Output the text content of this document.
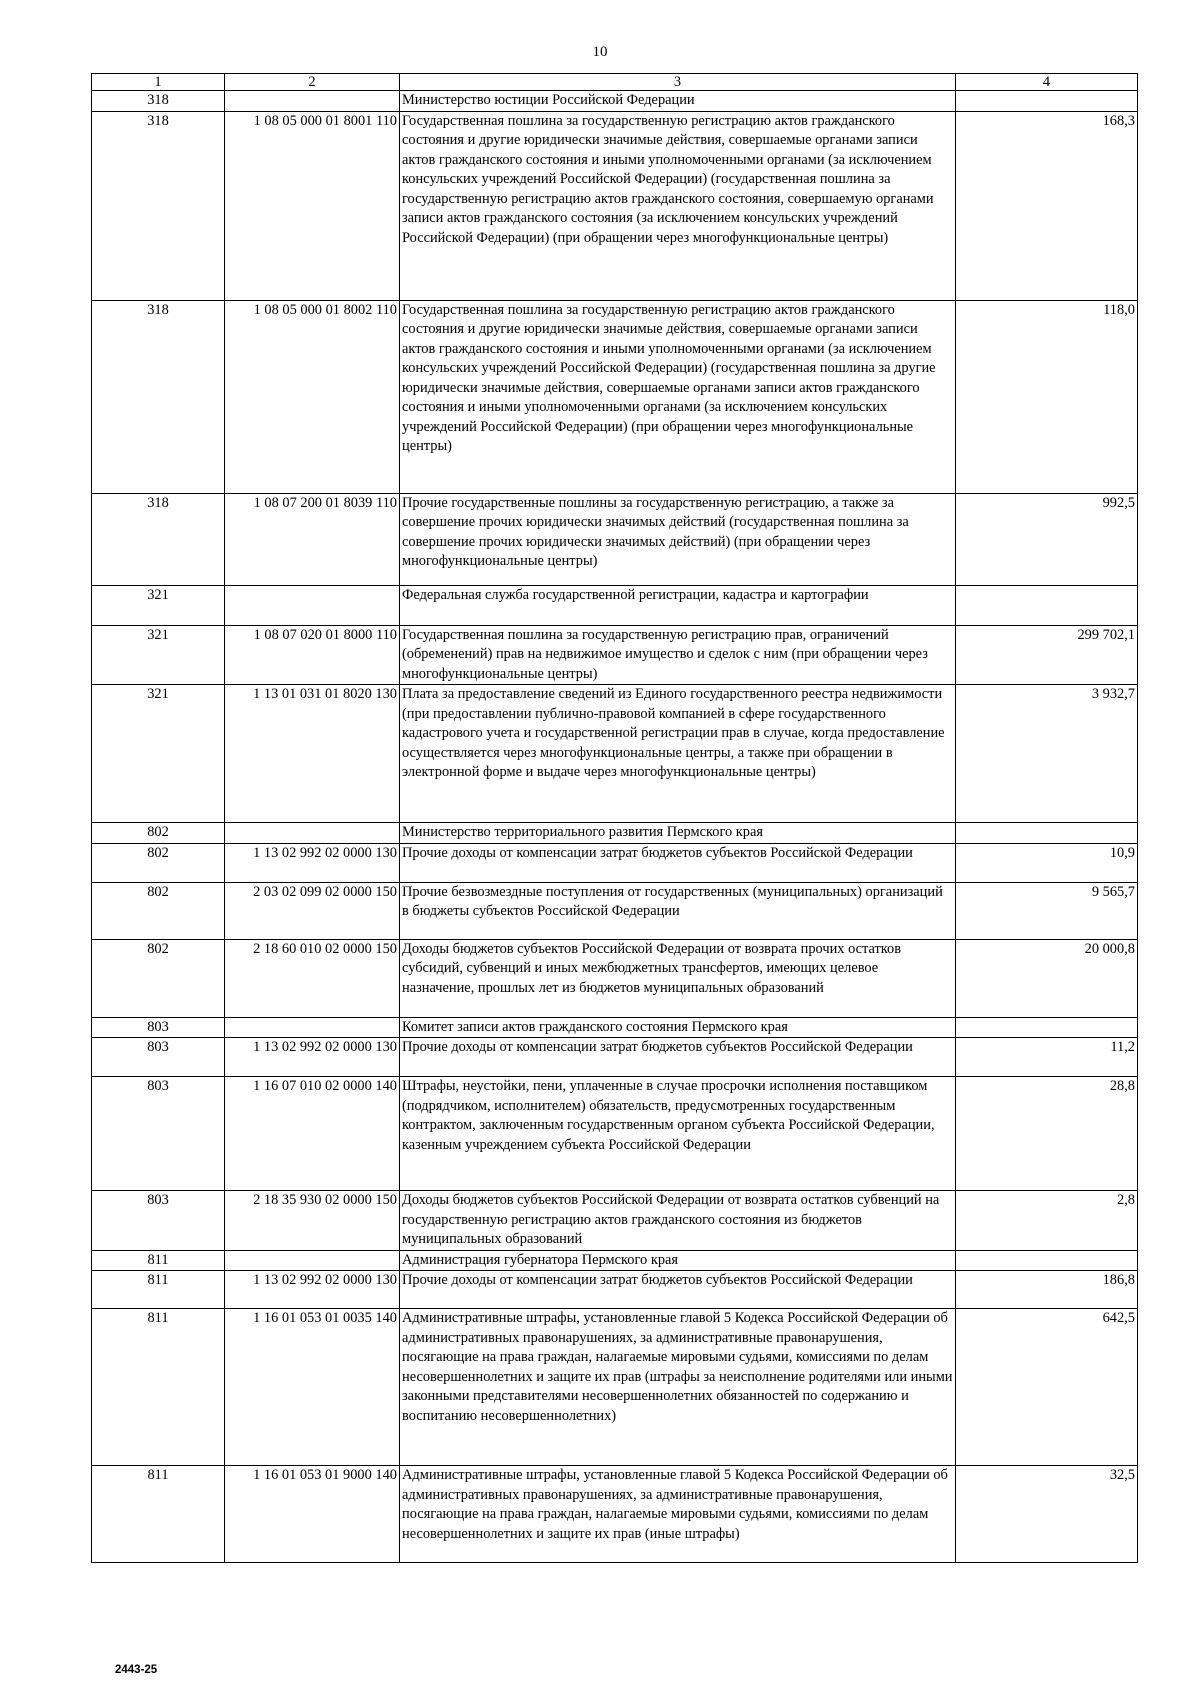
10
1	2	3	4
318		Министерство юстиции Российской Федерации	
318	1 08 05 000 01 8001 110	Государственная пошлина за государственную регистрацию актов гражданского состояния и другие юридически значимые действия, совершаемые органами записи актов гражданского состояния и иными уполномоченными органами (за исключением консульских учреждений Российской Федерации) (государственная пошлина за государственную регистрацию актов гражданского состояния, совершаемую органами записи актов гражданского состояния (за исключением консульских учреждений Российской Федерации) (при обращении через многофункциональные центры)	168,3
318	1 08 05 000 01 8002 110	Государственная пошлина за государственную регистрацию актов гражданского состояния и другие юридически значимые действия, совершаемые органами записи актов гражданского состояния и иными уполномоченными органами (за исключением консульских учреждений Российской Федерации) (государственная пошлина за другие юридически значимые действия, совершаемые органами записи актов гражданского состояния и иными уполномоченными органами (за исключением консульских учреждений Российской Федерации) (при обращении через многофункциональные центры)	118,0
318	1 08 07 200 01 8039 110	Прочие государственные пошлины за государственную регистрацию, а также за совершение прочих юридически значимых действий (государственная пошлина за совершение прочих юридически значимых действий) (при обращении через многофункциональные центры)	992,5
321		Федеральная служба государственной регистрации, кадастра и картографии	
321	1 08 07 020 01 8000 110	Государственная пошлина за государственную регистрацию прав, ограничений (обременений) прав на недвижимое имущество и сделок с ним (при обращении через многофункциональные центры)	299 702,1
321	1 13 01 031 01 8020 130	Плата за предоставление сведений из Единого государственного реестра недвижимости (при предоставлении публично-правовой компанией в сфере государственного кадастрового учета и государственной регистрации прав в случае, когда предоставление осуществляется через многофункциональные центры, а также при обращении в электронной форме и выдаче через многофункциональные центры)	3 932,7
802		Министерство территориального развития Пермского края	
802	1 13 02 992 02 0000 130	Прочие доходы от компенсации затрат бюджетов субъектов Российской Федерации	10,9
802	2 03 02 099 02 0000 150	Прочие безвозмездные поступления от государственных (муниципальных) организаций в бюджеты субъектов Российской Федерации	9 565,7
802	2 18 60 010 02 0000 150	Доходы бюджетов субъектов Российской Федерации от возврата прочих остатков субсидий, субвенций и иных межбюджетных трансфертов, имеющих целевое назначение, прошлых лет из бюджетов муниципальных образований	20 000,8
803		Комитет записи актов гражданского состояния Пермского края	
803	1 13 02 992 02 0000 130	Прочие доходы от компенсации затрат бюджетов субъектов Российской Федерации	11,2
803	1 16 07 010 02 0000 140	Штрафы, неустойки, пени, уплаченные в случае просрочки исполнения поставщиком (подрядчиком, исполнителем) обязательств, предусмотренных государственным контрактом, заключенным государственным органом субъекта Российской Федерации, казенным учреждением субъекта Российской Федерации	28,8
803	2 18 35 930 02 0000 150	Доходы бюджетов субъектов Российской Федерации от возврата остатков субвенций на государственную регистрацию актов гражданского состояния из бюджетов муниципальных образований	2,8
811		Администрация губернатора Пермского края	
811	1 13 02 992 02 0000 130	Прочие доходы от компенсации затрат бюджетов субъектов Российской Федерации	186,8
811	1 16 01 053 01 0035 140	Административные штрафы, установленные главой 5 Кодекса Российской Федерации об административных правонарушениях, за административные правонарушения, посягающие на права граждан, налагаемые мировыми судьями, комиссиями по делам несовершеннолетних и защите их прав (штрафы за неисполнение родителями или иными законными представителями несовершеннолетних обязанностей по содержанию и воспитанию несовершеннолетних)	642,5
811	1 16 01 053 01 9000 140	Административные штрафы, установленные главой 5 Кодекса Российской Федерации об административных правонарушениях, за административные правонарушения, посягающие на права граждан, налагаемые мировыми судьями, комиссиями по делам несовершеннолетних и защите их прав (иные штрафы)	32,5
2443-25
